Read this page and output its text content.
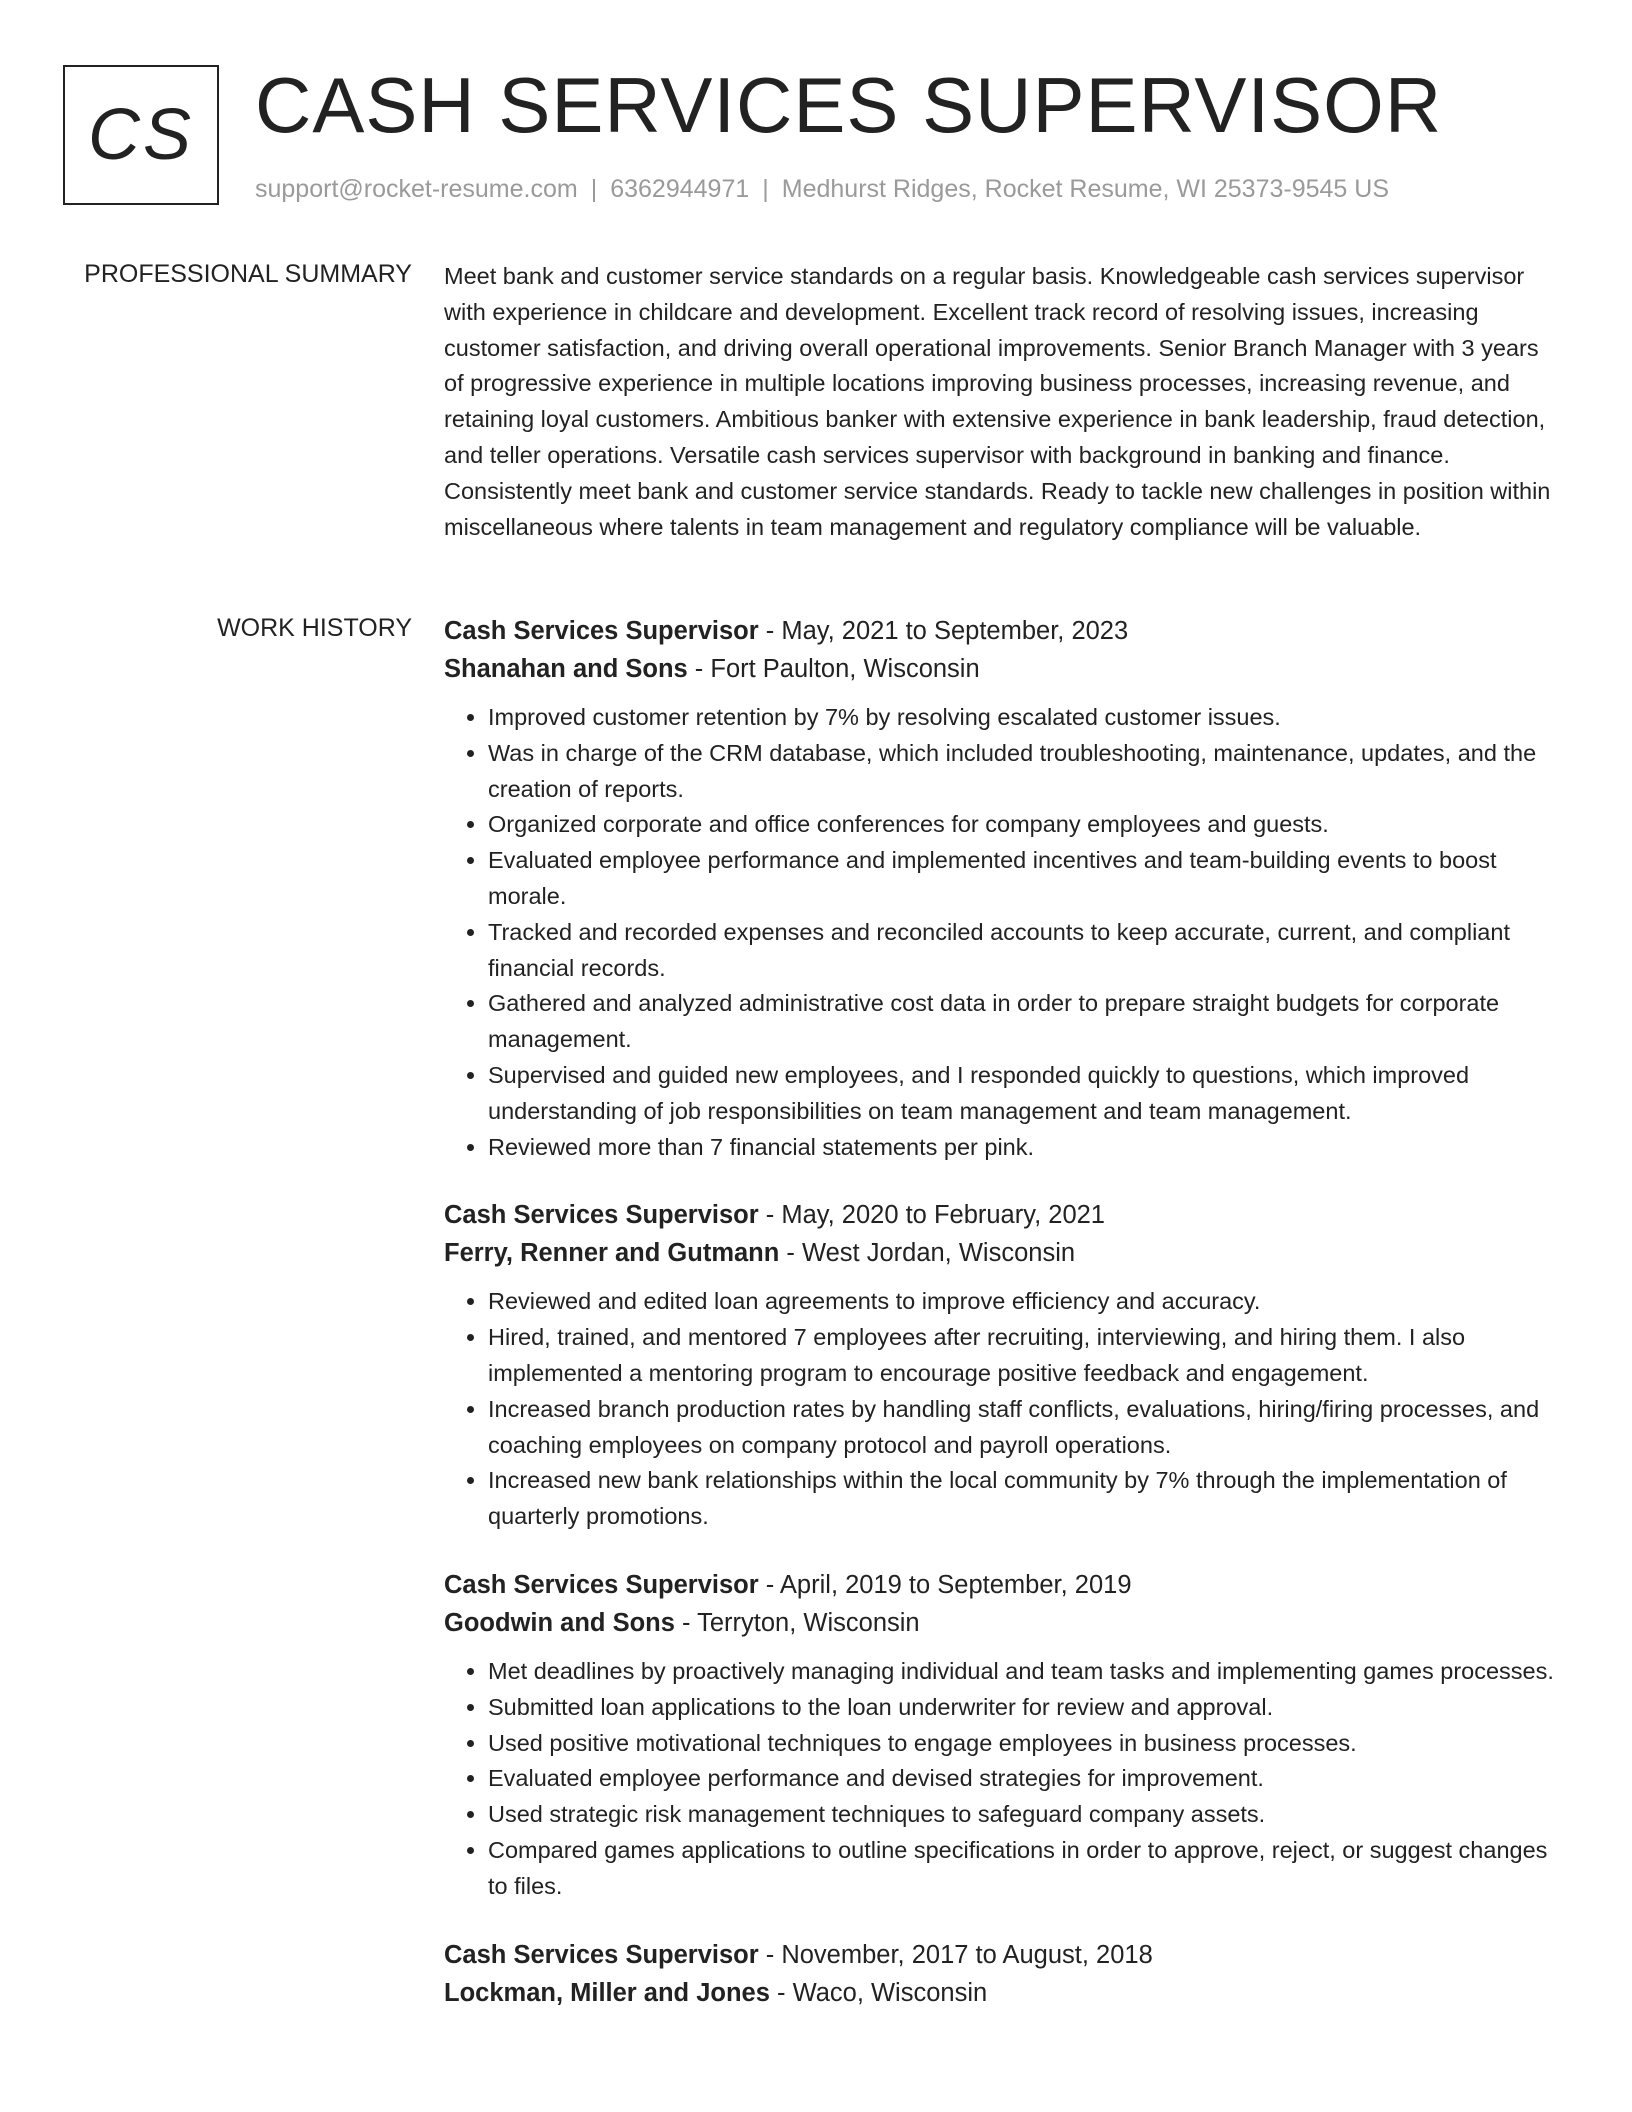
CS CASH SERVICES SUPERVISOR
support@rocket-resume.com | 6362944971 | Medhurst Ridges, Rocket Resume, WI 25373-9545 US
PROFESSIONAL SUMMARY Meet bank and customer service standards on a regular basis. Knowledgeable cash services supervisor with experience in childcare and development. Excellent track record of resolving issues, increasing customer satisfaction, and driving overall operational improvements. Senior Branch Manager with 3 years of progressive experience in multiple locations improving business processes, increasing revenue, and retaining loyal customers. Ambitious banker with extensive experience in bank leadership, fraud detection, and teller operations. Versatile cash services supervisor with background in banking and finance. Consistently meet bank and customer service standards. Ready to tackle new challenges in position within miscellaneous where talents in team management and regulatory compliance will be valuable.

WORK HISTORY Cash Services Supervisor - May, 2021 to September, 2023
Shanahan and Sons - Fort Paulton, Wisconsin
• Improved customer retention by 7% by resolving escalated customer issues.
• Was in charge of the CRM database, which included troubleshooting, maintenance, updates, and the creation of reports.
• Organized corporate and office conferences for company employees and guests.
• Evaluated employee performance and implemented incentives and team-building events to boost morale.
• Tracked and recorded expenses and reconciled accounts to keep accurate, current, and compliant financial records.
• Gathered and analyzed administrative cost data in order to prepare straight budgets for corporate management.
• Supervised and guided new employees, and I responded quickly to questions, which improved understanding of job responsibilities on team management and team management.
• Reviewed more than 7 financial statements per pink.
Cash Services Supervisor - May, 2020 to February, 2021
Ferry, Renner and Gutmann - West Jordan, Wisconsin
• Reviewed and edited loan agreements to improve efficiency and accuracy.
• Hired, trained, and mentored 7 employees after recruiting, interviewing, and hiring them. I also implemented a mentoring program to encourage positive feedback and engagement.
• Increased branch production rates by handling staff conflicts, evaluations, hiring/firing processes, and coaching employees on company protocol and payroll operations.
• Increased new bank relationships within the local community by 7% through the implementation of quarterly promotions.
Cash Services Supervisor - April, 2019 to September, 2019
Goodwin and Sons - Terryton, Wisconsin
• Met deadlines by proactively managing individual and team tasks and implementing games processes.
• Submitted loan applications to the loan underwriter for review and approval.
• Used positive motivational techniques to engage employees in business processes.
• Evaluated employee performance and devised strategies for improvement.
• Used strategic risk management techniques to safeguard company assets.
• Compared games applications to outline specifications in order to approve, reject, or suggest changes to files.
Cash Services Supervisor - November, 2017 to August, 2018
Lockman, Miller and Jones - Waco, Wisconsin
